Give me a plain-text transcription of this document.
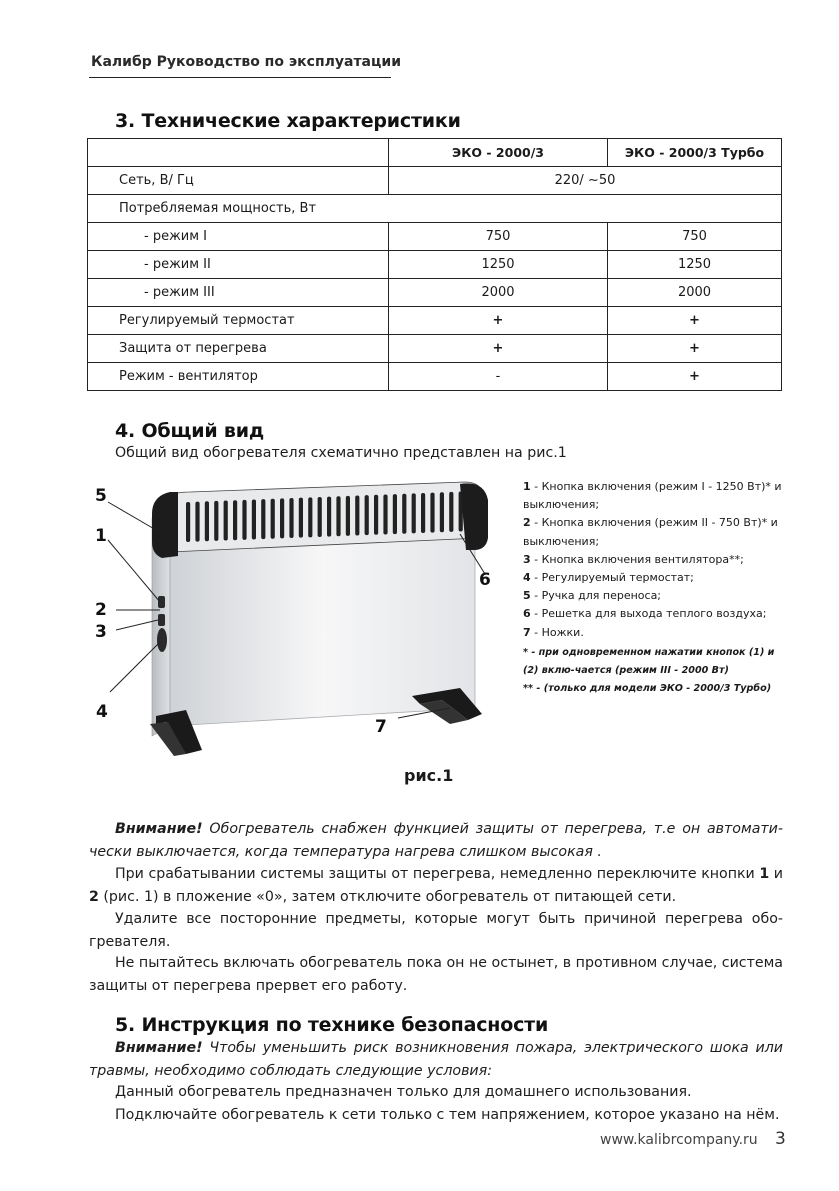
Калибр Руководство по эксплуатации
3. Технические характеристики
	ЭКО - 2000/3	ЭКО - 2000/3 Турбо
Сеть, В/ Гц	220/ ~50	
Потребляемая мощность, Вт		
- режим I	750	750
- режим II	1250	1250
- режим III	2000	2000
Регулируемый термостат	+	+
Защита от перегрева	+	+
Режим - вентилятор	-	+
4. Общий вид
Общий вид обогревателя схематично представлен на рис.1
5
1
2
3
4
6
7
1 - Кнопка включения (режим I - 1250 Вт)* и выключения;
2 - Кнопка включения (режим II - 750 Вт)* и выключения;
3 - Кнопка включения вентилятора**;
4 - Регулируемый термостат;
5 - Ручка для переноса;
6 - Решетка для выхода теплого воздуха;
7 - Ножки.
* - при одновременном нажатии кнопок (1) и (2) вклю-чается (режим III - 2000 Вт)
** - (только для модели ЭКО - 2000/3 Турбо)
рис.1
Внимание! Обогреватель снабжен функцией защиты от перегрева, т.е он автомати-чески выключается, когда температура нагрева слишком высокая .
При срабатывании системы защиты от перегрева, немедленно переключите кнопки 1 и 2 (рис. 1) в пложение «0», затем отключите обогреватель от питающей сети.
Удалите все посторонние предметы, которые могут быть причиной перегрева обо-гревателя.
Не пытайтесь включать обогреватель пока он не остынет, в противном случае, система защиты от перегрева прервет его работу.
5. Инструкция по технике безопасности
Внимание! Чтобы уменьшить риск возникновения пожара, электрического шока или травмы, необходимо соблюдать следующие условия:
Данный обогреватель предназначен только для домашнего использования.
Подключайте обогреватель к сети только с тем напряжением, которое указано на нём.
www.kalibrcompany.ru 3
